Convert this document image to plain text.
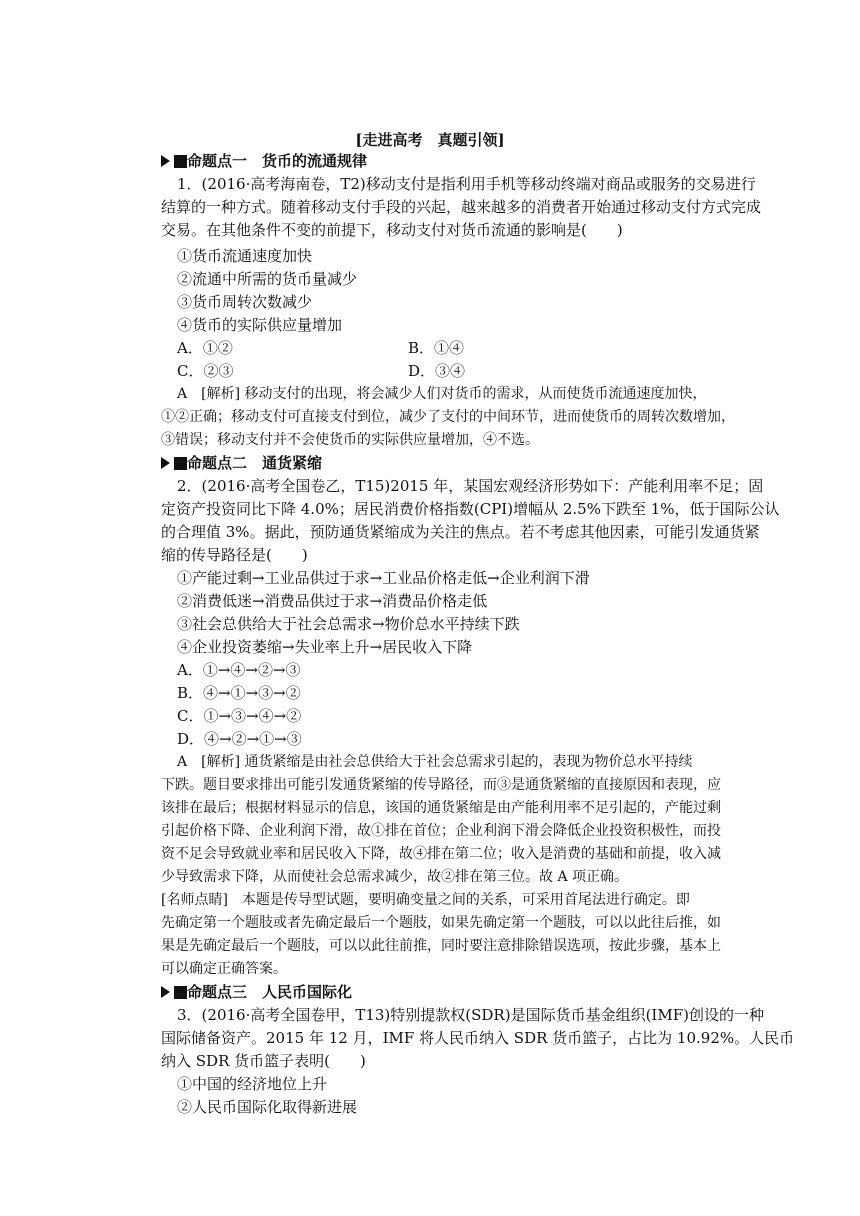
[走进高考　真题引领]
命题点一　货币的流通规律
1．(2016·高考海南卷，T2)移动支付是指利用手机等移动终端对商品或服务的交易进行
结算的一种方式。随着移动支付手段的兴起，越来越多的消费者开始通过移动支付方式完成
交易。在其他条件不变的前提下，移动支付对货币流通的影响是(　　)
①货币流通速度加快
②流通中所需的货币量减少
③货币周转次数减少
④货币的实际供应量增加
A．①②	B．①④
C．②③	D．③④
A　[解析] 移动支付的出现，将会减少人们对货币的需求，从而使货币流通速度加快，
①②正确；移动支付可直接支付到位，减少了支付的中间环节，进而使货币的周转次数增加，
③错误；移动支付并不会使货币的实际供应量增加，④不选。
命题点二　通货紧缩
2．(2016·高考全国卷乙，T15)2015 年，某国宏观经济形势如下：产能利用率不足；固
定资产投资同比下降 4.0%；居民消费价格指数(CPI)增幅从 2.5%下跌至 1%，低于国际公认
的合理值 3%。据此，预防通货紧缩成为关注的焦点。若不考虑其他因素，可能引发通货紧
缩的传导路径是(　　)
①产能过剩→工业品供过于求→工业品价格走低→企业利润下滑
②消费低迷→消费品供过于求→消费品价格走低
③社会总供给大于社会总需求→物价总水平持续下跌
④企业投资萎缩→失业率上升→居民收入下降
A．①→④→②→③
B．④→①→③→②
C．①→③→④→②
D．④→②→①→③
A　[解析] 通货紧缩是由社会总供给大于社会总需求引起的，表现为物价总水平持续
下跌。题目要求排出可能引发通货紧缩的传导路径，而③是通货紧缩的直接原因和表现，应
该排在最后；根据材料显示的信息，该国的通货紧缩是由产能利用率不足引起的，产能过剩
引起价格下降、企业利润下滑，故①排在首位；企业利润下滑会降低企业投资积极性，而投
资不足会导致就业率和居民收入下降，故④排在第二位；收入是消费的基础和前提，收入减
少导致需求下降，从而使社会总需求减少，故②排在第三位。故 A 项正确。
[名师点睛]　本题是传导型试题，要明确变量之间的关系，可采用首尾法进行确定。即
先确定第一个题肢或者先确定最后一个题肢，如果先确定第一个题肢，可以以此往后推，如
果是先确定最后一个题肢，可以以此往前推，同时要注意排除错误选项，按此步骤，基本上
可以确定正确答案。
命题点三　人民币国际化
3．(2016·高考全国卷甲，T13)特别提款权(SDR)是国际货币基金组织(IMF)创设的一种
国际储备资产。2015 年 12 月，IMF 将人民币纳入 SDR 货币篮子，占比为 10.92%。人民币
纳入 SDR 货币篮子表明(　　)
①中国的经济地位上升
②人民币国际化取得新进展
